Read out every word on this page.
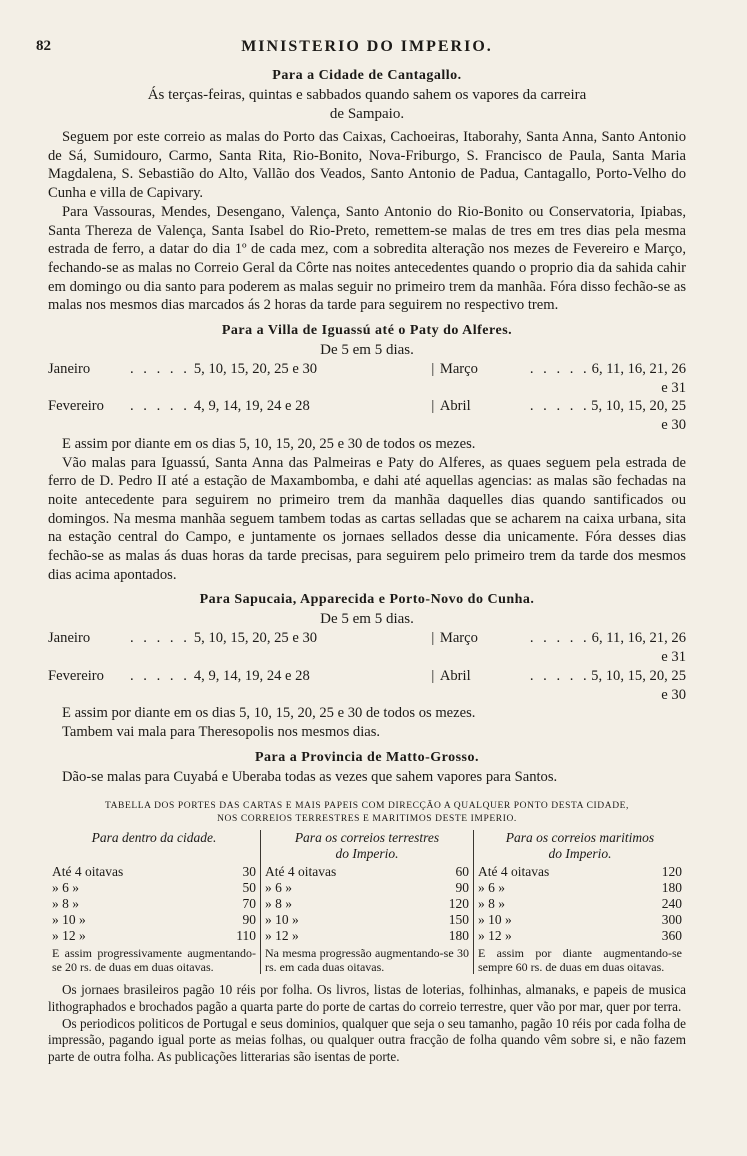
82	MINISTERIO DO IMPERIO.
Para a Cidade de Cantagallo.
Ás terças-feiras, quintas e sabbados quando sahem os vapores da carreira
de Sampaio.

Seguem por este correio as malas do Porto das Caixas, Cachoeiras, Itaborahy, Santa Anna, Santo Antonio de Sá, Sumidouro, Carmo, Santa Rita, Rio-Bonito, Nova-Friburgo, S. Francisco de Paula, Santa Maria Magdalena, S. Sebastião do Alto, Vallão dos Veados, Santo Antonio de Padua, Cantagallo, Porto-Velho do Cunha e villa de Capivary.

Para Vassouras, Mendes, Desengano, Valença, Santo Antonio do Rio-Bonito ou Conservatoria, Ipiabas, Santa Thereza de Valença, Santa Isabel do Rio-Preto, remettem-se malas de tres em tres dias pela mesma estrada de ferro, a datar do dia 1º de cada mez, com a sobredita alteração nos mezes de Fevereiro e Março, fechando-se as malas no Correio Geral da Côrte nas noites antecedentes quando o proprio dia da sahida cahir em domingo ou dia santo para poderem as malas seguir no primeiro trem da manhãa. Fóra disso fechão-se as malas nos mesmos dias marcados ás 2 horas da tarde para seguirem no respectivo trem.

Para a Villa de Iguassú até o Paty do Alferes.
De 5 em 5 dias.
Janeiro	. . . . . 5, 10, 15, 20, 25 e 30	| Março	. . . . . 6, 11, 16, 21, 26 e 31
Fevereiro	. . . . . 4, 9, 14, 19, 24 e 28	| Abril	. . . . . 5, 10, 15, 20, 25 e 30

E assim por diante em os dias 5, 10, 15, 20, 25 e 30 de todos os mezes.

Vão malas para Iguassú, Santa Anna das Palmeiras e Paty do Alferes, as quaes seguem pela estrada de ferro de D. Pedro II até a estação de Maxambomba, e dahi até aquellas agencias: as malas são fechadas na noite antecedente para seguirem no primeiro trem da manhãa daquelles dias quando santificados ou domingos. Na mesma manhãa seguem tambem todas as cartas selladas que se acharem na caixa urbana, sita na estação central do Campo, e juntamente os jornaes sellados desse dia unicamente. Fóra desses dias fechão-se as malas ás duas horas da tarde precisas, para seguirem pelo primeiro trem da tarde dos mesmos dias acima apontados.

Para Sapucaia, Apparecida e Porto-Novo do Cunha.
De 5 em 5 dias.
Janeiro	. . . . . 5, 10, 15, 20, 25 e 30	| Março	. . . . . 6, 11, 16, 21, 26 e 31
Fevereiro	. . . . . 4, 9, 14, 19, 24 e 28	| Abril	. . . . . 5, 10, 15, 20, 25 e 30

E assim por diante em os dias 5, 10, 15, 20, 25 e 30 de todos os mezes.

Tambem vai mala para Theresopolis nos mesmos dias.

Para a Provincia de Matto-Grosso.

Dão-se malas para Cuyabá e Uberaba todas as vezes que sahem vapores para Santos.

TABELLA DOS PORTES DAS CARTAS E MAIS PAPEIS COM DIRECÇÃO A QUALQUER PONTO DESTA CIDADE,
NOS CORREIOS TERRESTRES E MARITIMOS DESTE IMPERIO.
Para dentro da cidade.

Até 4 oitavas	30
» 6 »	50
» 8 »	70
» 10 »	90
» 12 »	110
E assim progressivamente augmentando-se 20 rs. de duas em duas oitavas.
Para os correios terrestres
do Imperio.
Até 4 oitavas	60
» 6 »	90
» 8 »	120
» 10 »	150
» 12 »	180
Na mesma progressão augmentando-se 30 rs. em cada duas oitavas.
Para os correios maritimos
do Imperio.
Até 4 oitavas	120
» 6 »	180
» 8 »	240
» 10 »	300
» 12 »	360
E assim por diante augmentando-se sempre 60 rs. de duas em duas oitavas.

Os jornaes brasileiros pagão 10 réis por folha. Os livros, listas de loterias, folhinhas, almanaks, e papeis de musica lithographados e brochados pagão a quarta parte do porte de cartas do correio terrestre, quer vão por mar, quer por terra.

Os periodicos politicos de Portugal e seus dominios, qualquer que seja o seu tamanho, pagão 10 réis por cada folha de impressão, pagando igual porte as meias folhas, ou qualquer outra fracção de folha quando vêm sobre si, e não fazem parte de outra folha. As publicações litterarias são isentas de porte.
